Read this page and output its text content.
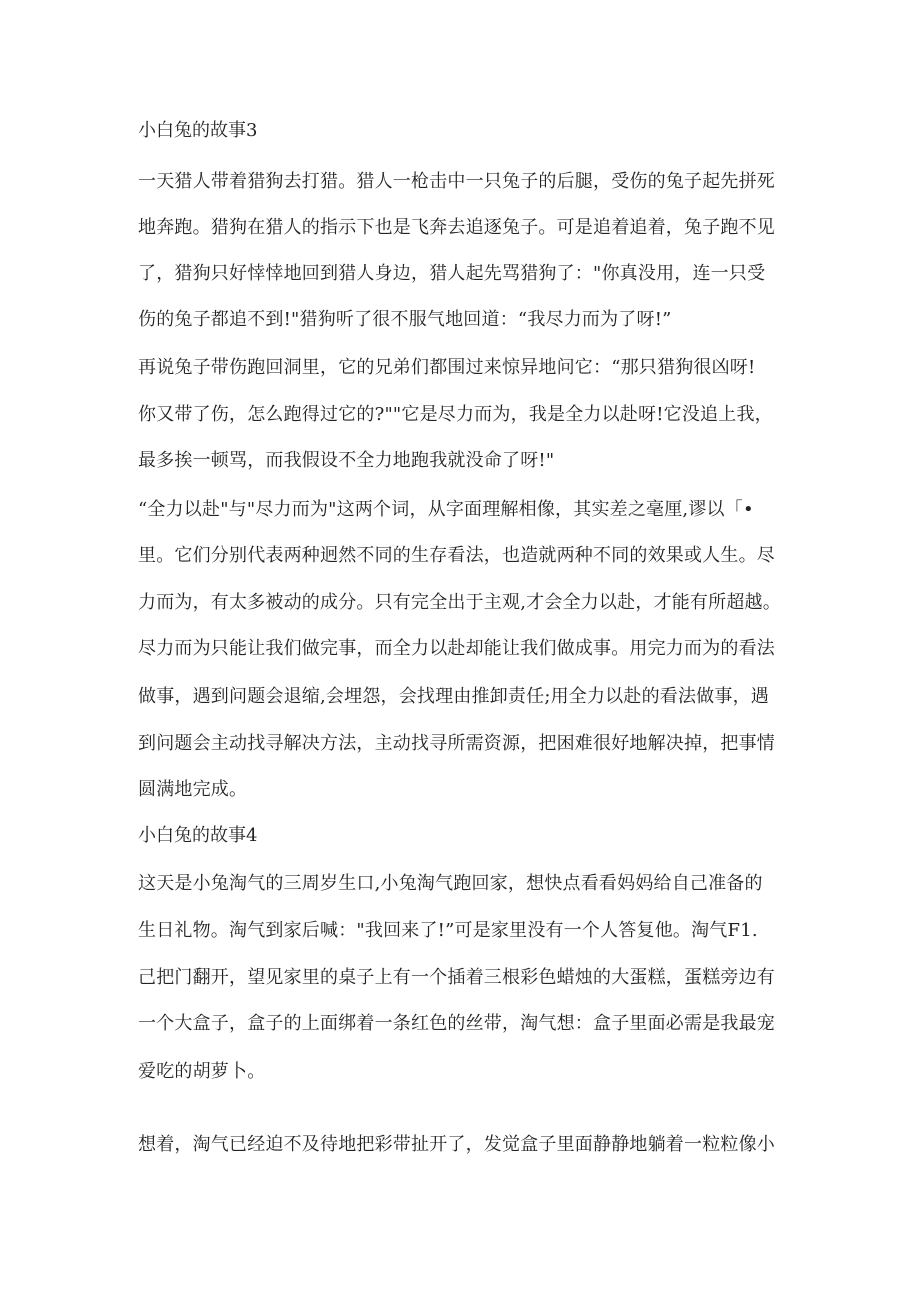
小白兔的故事3

一天猎人带着猎狗去打猎。猎人一枪击中一只兔子的后腿，受伤的兔子起先拼死

地奔跑。猎狗在猎人的指示下也是飞奔去追逐兔子。可是追着追着，兔子跑不见

了，猎狗只好悻悻地回到猎人身边，猎人起先骂猎狗了："你真没用，连一只受

伤的兔子都追不到!"猎狗听了很不服气地回道：“我尽力而为了呀!”

再说兔子带伤跑回洞里，它的兄弟们都围过来惊异地问它：“那只猎狗很凶呀!

你又带了伤，怎么跑得过它的?""它是尽力而为，我是全力以赴呀!它没追上我，

最多挨一顿骂，而我假设不全力地跑我就没命了呀!"

“全力以赴"与"尽力而为"这两个词，从字面理解相像，其实差之毫厘,谬以「•

里。它们分别代表两种迥然不同的生存看法，也造就两种不同的效果或人生。尽

力而为，有太多被动的成分。只有完全出于主观,才会全力以赴，才能有所超越。

尽力而为只能让我们做完事，而全力以赴却能让我们做成事。用完力而为的看法

做事，遇到问题会退缩,会埋怨，会找理由推卸责任;用全力以赴的看法做事，遇

到问题会主动找寻解决方法，主动找寻所需资源，把困难很好地解决掉，把事情

圆满地完成。

小白兔的故事4

这天是小兔淘气的三周岁生口,小兔淘气跑回家，想快点看看妈妈给自己准备的

生日礼物。淘气到家后喊："我回来了!”可是家里没有一个人答复他。淘气F1.

己把门翻开，望见家里的桌子上有一个插着三根彩色蜡烛的大蛋糕，蛋糕旁边有

一个大盒子，盒子的上面绑着一条红色的丝带，淘气想：盒子里面必需是我最宠

爱吃的胡萝卜。

想着，淘气已经迫不及待地把彩带扯开了，发觉盒子里面静静地躺着一粒粒像小
